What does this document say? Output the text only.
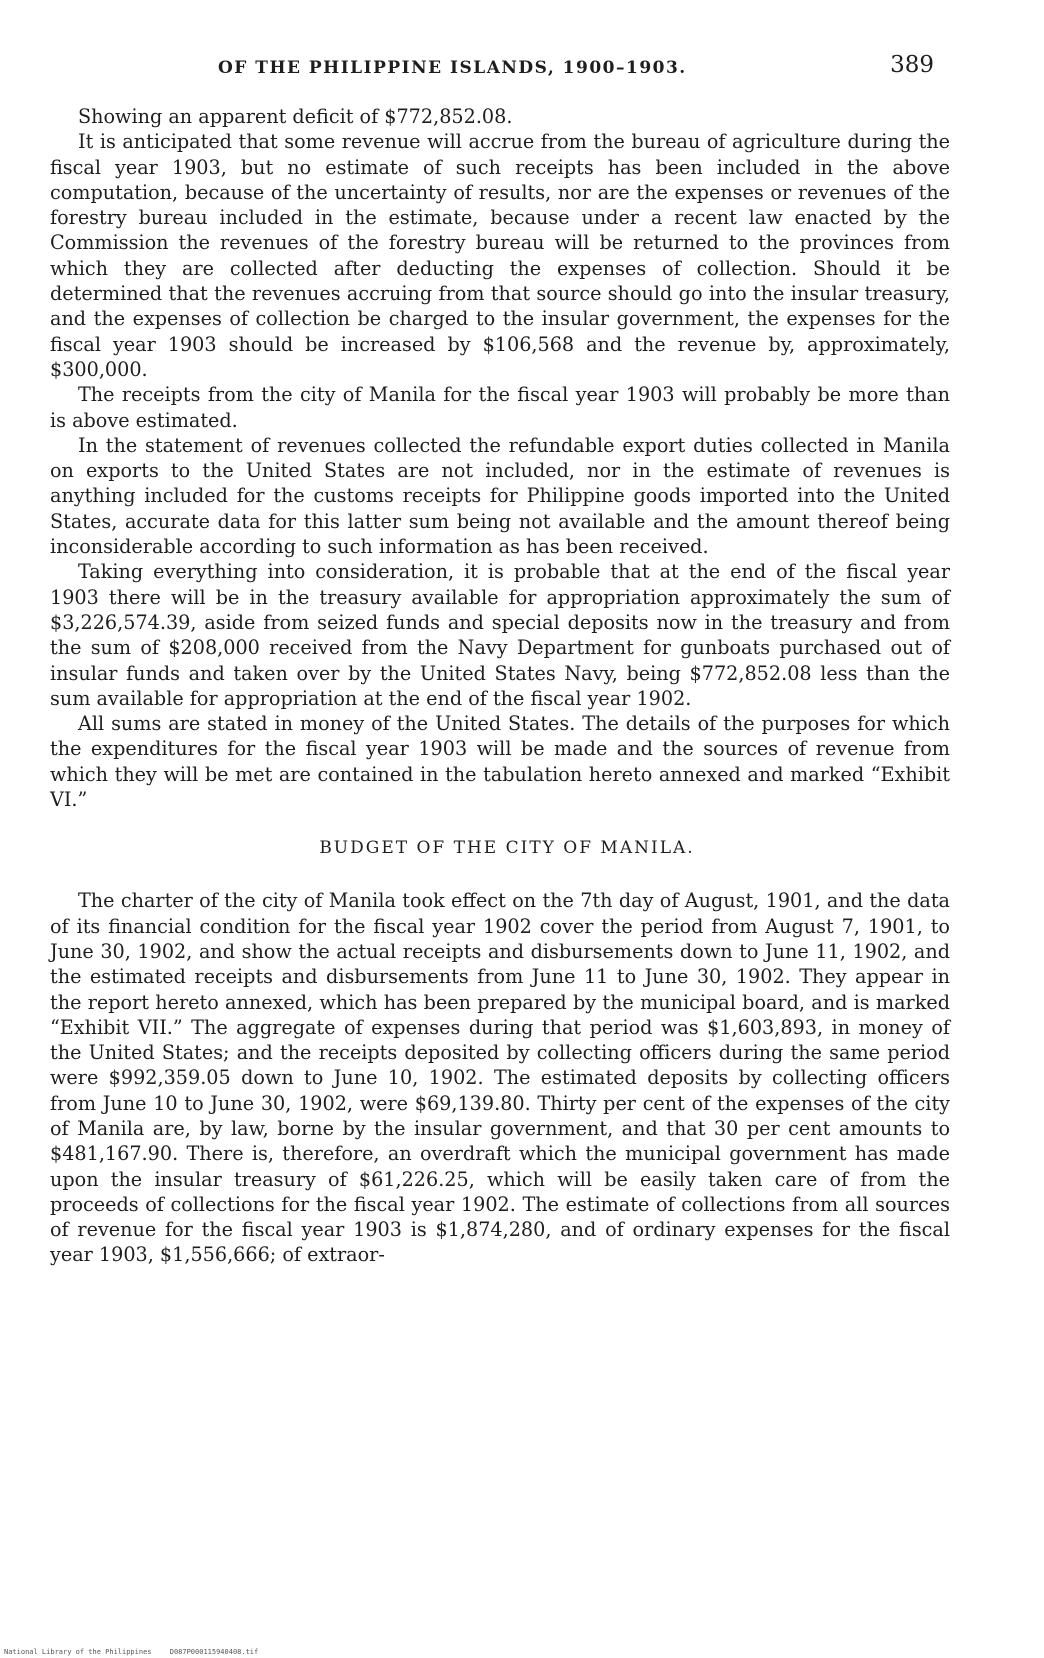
OF THE PHILIPPINE ISLANDS, 1900–1903.	389

Showing an apparent deficit of $772,852.08.

It is anticipated that some revenue will accrue from the bureau of agriculture during the fiscal year 1903, but no estimate of such receipts has been included in the above computation, because of the uncertainty of results, nor are the expenses or revenues of the forestry bureau included in the estimate, because under a recent law enacted by the Commission the revenues of the forestry bureau will be returned to the provinces from which they are collected after deducting the expenses of collection. Should it be determined that the revenues accruing from that source should go into the insular treasury, and the expenses of collection be charged to the insular government, the expenses for the fiscal year 1903 should be increased by $106,568 and the revenue by, approximately, $300,000.

The receipts from the city of Manila for the fiscal year 1903 will probably be more than is above estimated.

In the statement of revenues collected the refundable export duties collected in Manila on exports to the United States are not included, nor in the estimate of revenues is anything included for the customs receipts for Philippine goods imported into the United States, accurate data for this latter sum being not available and the amount thereof being inconsiderable according to such information as has been received.

Taking everything into consideration, it is probable that at the end of the fiscal year 1903 there will be in the treasury available for appropriation approximately the sum of $3,226,574.39, aside from seized funds and special deposits now in the treasury and from the sum of $208,000 received from the Navy Department for gunboats purchased out of insular funds and taken over by the United States Navy, being $772,852.08 less than the sum available for appropriation at the end of the fiscal year 1902.

All sums are stated in money of the United States. The details of the purposes for which the expenditures for the fiscal year 1903 will be made and the sources of revenue from which they will be met are contained in the tabulation hereto annexed and marked “Exhibit VI.”

BUDGET OF THE CITY OF MANILA.

The charter of the city of Manila took effect on the 7th day of August, 1901, and the data of its financial condition for the fiscal year 1902 cover the period from August 7, 1901, to June 30, 1902, and show the actual receipts and disbursements down to June 11, 1902, and the estimated receipts and disbursements from June 11 to June 30, 1902. They appear in the report hereto annexed, which has been prepared by the municipal board, and is marked “Exhibit VII.” The aggregate of expenses during that period was $1,603,893, in money of the United States; and the receipts deposited by collecting officers during the same period were $992,359.05 down to June 10, 1902. The estimated deposits by collecting officers from June 10 to June 30, 1902, were $69,139.80. Thirty per cent of the expenses of the city of Manila are, by law, borne by the insular government, and that 30 per cent amounts to $481,167.90. There is, therefore, an overdraft which the municipal government has made upon the insular treasury of $61,226.25, which will be easily taken care of from the proceeds of collections for the fiscal year 1902. The estimate of collections from all sources of revenue for the fiscal year 1903 is $1,874,280, and of ordinary expenses for the fiscal year 1903, $1,556,666; of extraor-

National Library of the Philippines	D087P000115940408.tif
